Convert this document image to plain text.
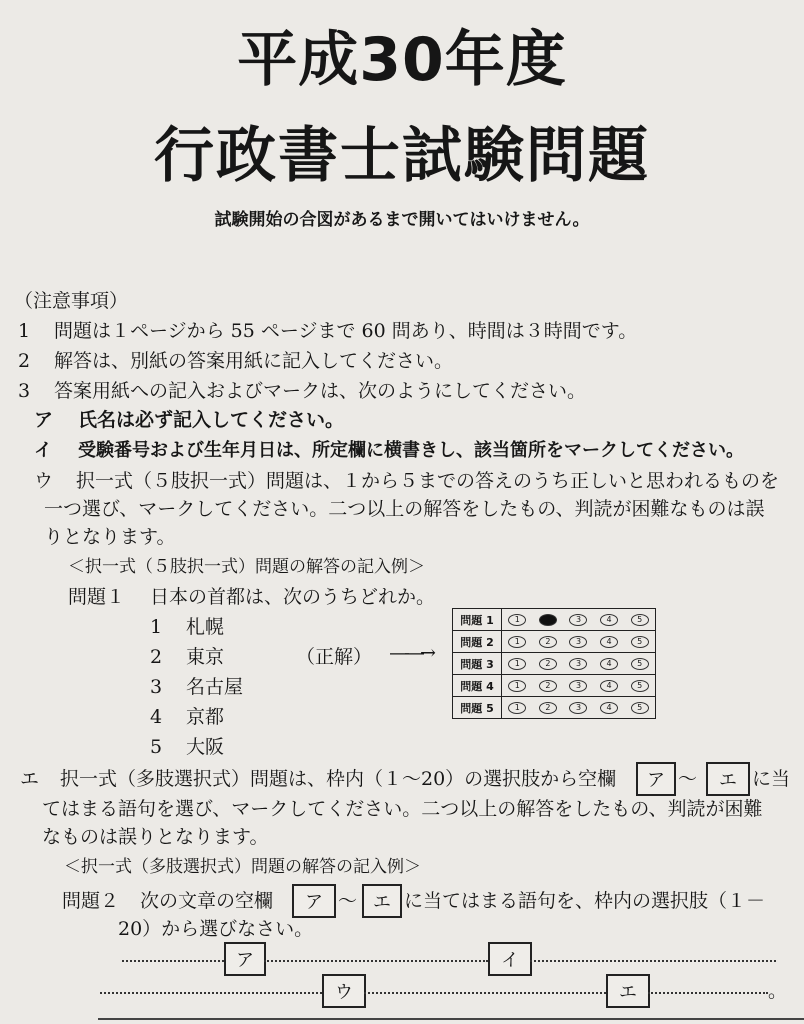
平成30年度
行政書士試験問題
試験開始の合図があるまで開いてはいけません。
（注意事項）
1 問題は１ページから 55 ページまで 60 問あり、時間は３時間です。
2 解答は、別紙の答案用紙に記入してください。
3 答案用紙への記入およびマークは、次のようにしてください。
ア 氏名は必ず記入してください。
イ 受験番号および生年月日は、所定欄に横書きし、該当箇所をマークしてください。
ウ 択一式（５肢択一式）問題は、１から５までの答えのうち正しいと思われるものを
一つ選び、マークしてください。二つ以上の解答をしたもの、判読が困難なものは誤
りとなります。
＜択一式（５肢択一式）問題の解答の記入例＞
問題１ 日本の首都は、次のうちどれか。
1 札幌
2 東京
3 名古屋
4 京都
5 大阪
（正解） ――→
問題 1	1	2	3	4	5
問題 2	1	2	3	4	5
問題 3	1	2	3	4	5
問題 4	1	2	3	4	5
問題 5	1	2	3	4	5
エ 択一式（多肢選択式）問題は、枠内（１～20）の選択肢から空欄	ア ～	エ に当
てはまる語句を選び、マークしてください。二つ以上の解答をしたもの、判読が困難
なものは誤りとなります。
＜択一式（多肢選択式）問題の解答の記入例＞
問題２ 次の文章の空欄	ア ～ エ に当てはまる語句を、枠内の選択肢（１－
20）から選びなさい。
ア	イ
ウ	エ	。
